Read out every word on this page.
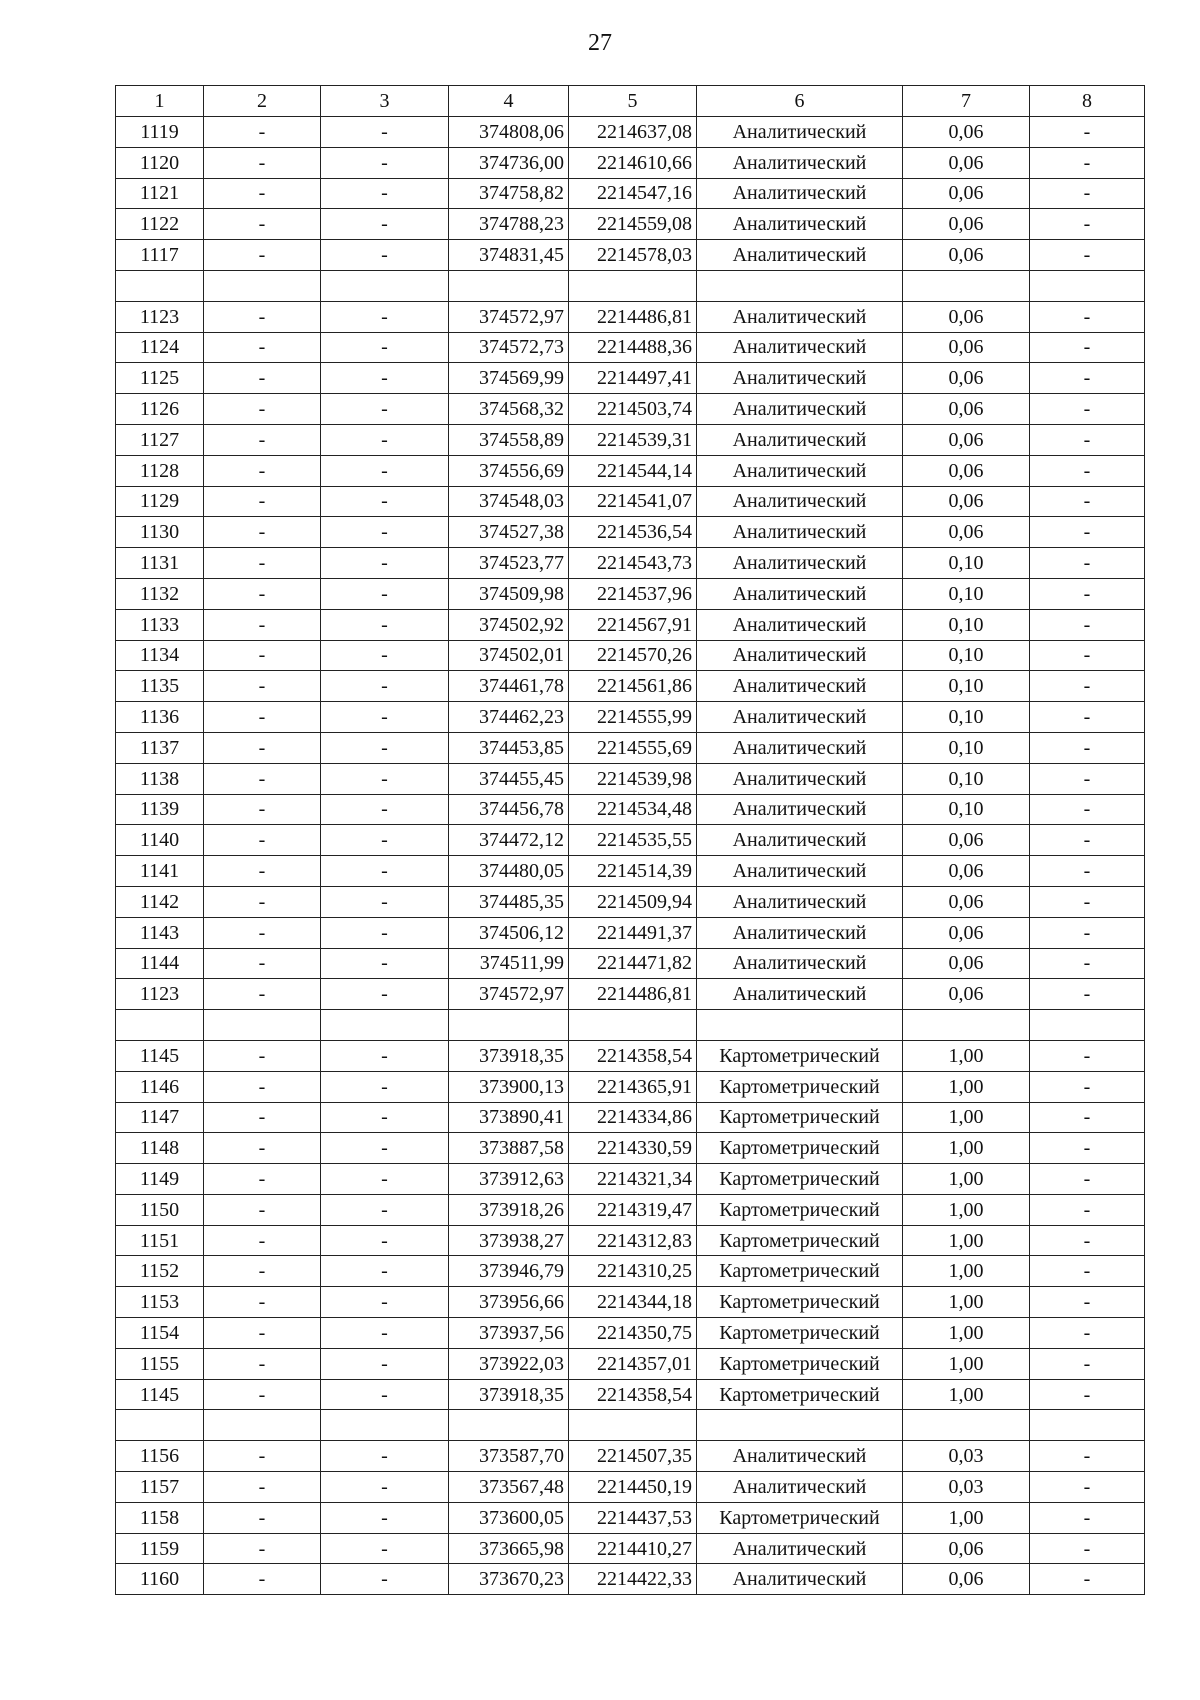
27
1	2	3	4	5	6	7	8
1119	-	-	374808,06	2214637,08	Аналитический	0,06	-
1120	-	-	374736,00	2214610,66	Аналитический	0,06	-
1121	-	-	374758,82	2214547,16	Аналитический	0,06	-
1122	-	-	374788,23	2214559,08	Аналитический	0,06	-
1117	-	-	374831,45	2214578,03	Аналитический	0,06	-

1123	-	-	374572,97	2214486,81	Аналитический	0,06	-
1124	-	-	374572,73	2214488,36	Аналитический	0,06	-
1125	-	-	374569,99	2214497,41	Аналитический	0,06	-
1126	-	-	374568,32	2214503,74	Аналитический	0,06	-
1127	-	-	374558,89	2214539,31	Аналитический	0,06	-
1128	-	-	374556,69	2214544,14	Аналитический	0,06	-
1129	-	-	374548,03	2214541,07	Аналитический	0,06	-
1130	-	-	374527,38	2214536,54	Аналитический	0,06	-
1131	-	-	374523,77	2214543,73	Аналитический	0,10	-
1132	-	-	374509,98	2214537,96	Аналитический	0,10	-
1133	-	-	374502,92	2214567,91	Аналитический	0,10	-
1134	-	-	374502,01	2214570,26	Аналитический	0,10	-
1135	-	-	374461,78	2214561,86	Аналитический	0,10	-
1136	-	-	374462,23	2214555,99	Аналитический	0,10	-
1137	-	-	374453,85	2214555,69	Аналитический	0,10	-
1138	-	-	374455,45	2214539,98	Аналитический	0,10	-
1139	-	-	374456,78	2214534,48	Аналитический	0,10	-
1140	-	-	374472,12	2214535,55	Аналитический	0,06	-
1141	-	-	374480,05	2214514,39	Аналитический	0,06	-
1142	-	-	374485,35	2214509,94	Аналитический	0,06	-
1143	-	-	374506,12	2214491,37	Аналитический	0,06	-
1144	-	-	374511,99	2214471,82	Аналитический	0,06	-
1123	-	-	374572,97	2214486,81	Аналитический	0,06	-

1145	-	-	373918,35	2214358,54	Картометрический	1,00	-
1146	-	-	373900,13	2214365,91	Картометрический	1,00	-
1147	-	-	373890,41	2214334,86	Картометрический	1,00	-
1148	-	-	373887,58	2214330,59	Картометрический	1,00	-
1149	-	-	373912,63	2214321,34	Картометрический	1,00	-
1150	-	-	373918,26	2214319,47	Картометрический	1,00	-
1151	-	-	373938,27	2214312,83	Картометрический	1,00	-
1152	-	-	373946,79	2214310,25	Картометрический	1,00	-
1153	-	-	373956,66	2214344,18	Картометрический	1,00	-
1154	-	-	373937,56	2214350,75	Картометрический	1,00	-
1155	-	-	373922,03	2214357,01	Картометрический	1,00	-
1145	-	-	373918,35	2214358,54	Картометрический	1,00	-

1156	-	-	373587,70	2214507,35	Аналитический	0,03	-
1157	-	-	373567,48	2214450,19	Аналитический	0,03	-
1158	-	-	373600,05	2214437,53	Картометрический	1,00	-
1159	-	-	373665,98	2214410,27	Аналитический	0,06	-
1160	-	-	373670,23	2214422,33	Аналитический	0,06	-
